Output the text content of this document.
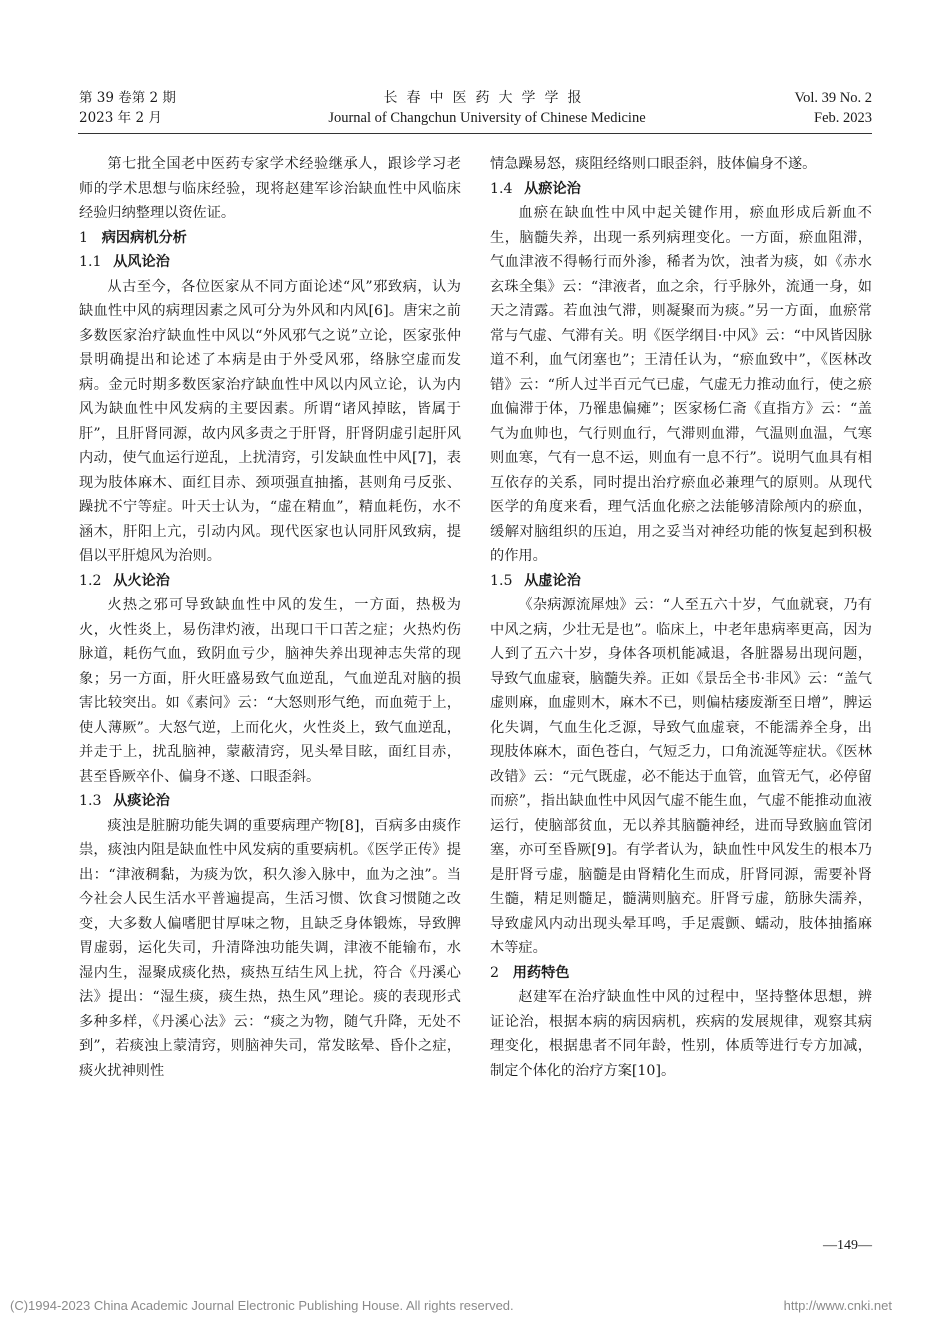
第 39 卷第 2 期
2023 年 2 月
长春中医药大学学报
Journal of Changchun University of Chinese Medicine
Vol. 39 No. 2
Feb. 2023

第七批全国老中医药专家学术经验继承人，跟诊学习老师的学术思想与临床经验，现将赵建军诊治缺血性中风临床经验归纳整理以资佐证。

1 病因病机分析
1.1 从风论治

从古至今，各位医家从不同方面论述“风”邪致病，认为缺血性中风的病理因素之风可分为外风和内风[6]。唐宋之前多数医家治疗缺血性中风以“外风邪气之说”立论，医家张仲景明确提出和论述了本病是由于外受风邪，络脉空虚而发病。金元时期多数医家治疗缺血性中风以内风立论，认为内风为缺血性中风发病的主要因素。所谓“诸风掉眩，皆属于肝”，且肝肾同源，故内风多责之于肝肾，肝肾阴虚引起肝风内动，使气血运行逆乱，上扰清窍，引发缺血性中风[7]，表现为肢体麻木、面红目赤、颈项强直抽搐，甚则角弓反张、躁扰不宁等症。叶天士认为，“虚在精血”，精血耗伤，水不涵木，肝阳上亢，引动内风。现代医家也认同肝风致病，提倡以平肝熄风为治则。

1.2 从火论治

火热之邪可导致缺血性中风的发生，一方面，热极为火，火性炎上，易伤津灼液，出现口干口苦之症；火热灼伤脉道，耗伤气血，致阴血亏少，脑神失养出现神志失常的现象；另一方面，肝火旺盛易致气血逆乱，气血逆乱对脑的损害比较突出。如《素问》云：“大怒则形气绝，而血菀于上，使人薄厥”。大怒气逆，上而化火，火性炎上，致气血逆乱，并走于上，扰乱脑神，蒙蔽清窍，见头晕目眩，面红目赤，甚至昏厥卒仆、偏身不遂、口眼歪斜。

1.3 从痰论治

痰浊是脏腑功能失调的重要病理产物[8]，百病多由痰作祟，痰浊内阻是缺血性中风发病的重要病机。《医学正传》提出：“津液稠黏，为痰为饮，积久渗入脉中，血为之浊”。当今社会人民生活水平普遍提高，生活习惯、饮食习惯随之改变，大多数人偏嗜肥甘厚味之物，且缺乏身体锻炼，导致脾胃虚弱，运化失司，升清降浊功能失调，津液不能输布，水湿内生，湿聚成痰化热，痰热互结生风上扰，符合《丹溪心法》提出：“湿生痰，痰生热，热生风”理论。痰的表现形式多种多样，《丹溪心法》云：“痰之为物，随气升降，无处不到”，若痰浊上蒙清窍，则脑神失司，常发眩晕、昏仆之症，痰火扰神则性

情急躁易怒，痰阻经络则口眼歪斜，肢体偏身不遂。

1.4 从瘀论治

血瘀在缺血性中风中起关键作用，瘀血形成后新血不生，脑髓失养，出现一系列病理变化。一方面，瘀血阻滞，气血津液不得畅行而外渗，稀者为饮，浊者为痰，如《赤水玄珠全集》云：“津液者，血之余，行乎脉外，流通一身，如天之清露。若血浊气滞，则凝聚而为痰。”另一方面，血瘀常常与气虚、气滞有关。明《医学纲目·中风》云：“中风皆因脉道不利，血气闭塞也”；王清任认为，“瘀血致中”，《医林改错》云：“所人过半百元气已虚，气虚无力推动血行，使之瘀血偏滞于体，乃罹患偏瘫”；医家杨仁斋《直指方》云：“盖气为血帅也，气行则血行，气滞则血滞，气温则血温，气寒则血寒，气有一息不运，则血有一息不行”。说明气血具有相互依存的关系，同时提出治疗瘀血必兼理气的原则。从现代医学的角度来看，理气活血化瘀之法能够清除颅内的瘀血，缓解对脑组织的压迫，用之妥当对神经功能的恢复起到积极的作用。

1.5 从虚论治

《杂病源流犀烛》云：“人至五六十岁，气血就衰，乃有中风之病，少壮无是也”。临床上，中老年患病率更高，因为人到了五六十岁，身体各项机能减退，各脏器易出现问题，导致气血虚衰，脑髓失养。正如《景岳全书·非风》云：“盖气虚则麻，血虚则木，麻木不已，则偏枯痿废渐至日增”，脾运化失调，气血生化乏源，导致气血虚衰，不能濡养全身，出现肢体麻木，面色苍白，气短乏力，口角流涎等症状。《医林改错》云：“元气既虚，必不能达于血管，血管无气，必停留而瘀”，指出缺血性中风因气虚不能生血，气虚不能推动血液运行，使脑部贫血，无以养其脑髓神经，进而导致脑血管闭塞，亦可至昏厥[9]。有学者认为，缺血性中风发生的根本乃是肝肾亏虚，脑髓是由肾精化生而成，肝肾同源，需要补肾生髓，精足则髓足，髓满则脑充。肝肾亏虚，筋脉失濡养，导致虚风内动出现头晕耳鸣，手足震颤、蠕动，肢体抽搐麻木等症。

2 用药特色

赵建军在治疗缺血性中风的过程中，坚持整体思想，辨证论治，根据本病的病因病机，疾病的发展规律，观察其病理变化，根据患者不同年龄，性别，体质等进行专方加减，制定个体化的治疗方案[10]。

—149—
(C)1994-2023 China Academic Journal Electronic Publishing House. All rights reserved.	http://www.cnki.net
